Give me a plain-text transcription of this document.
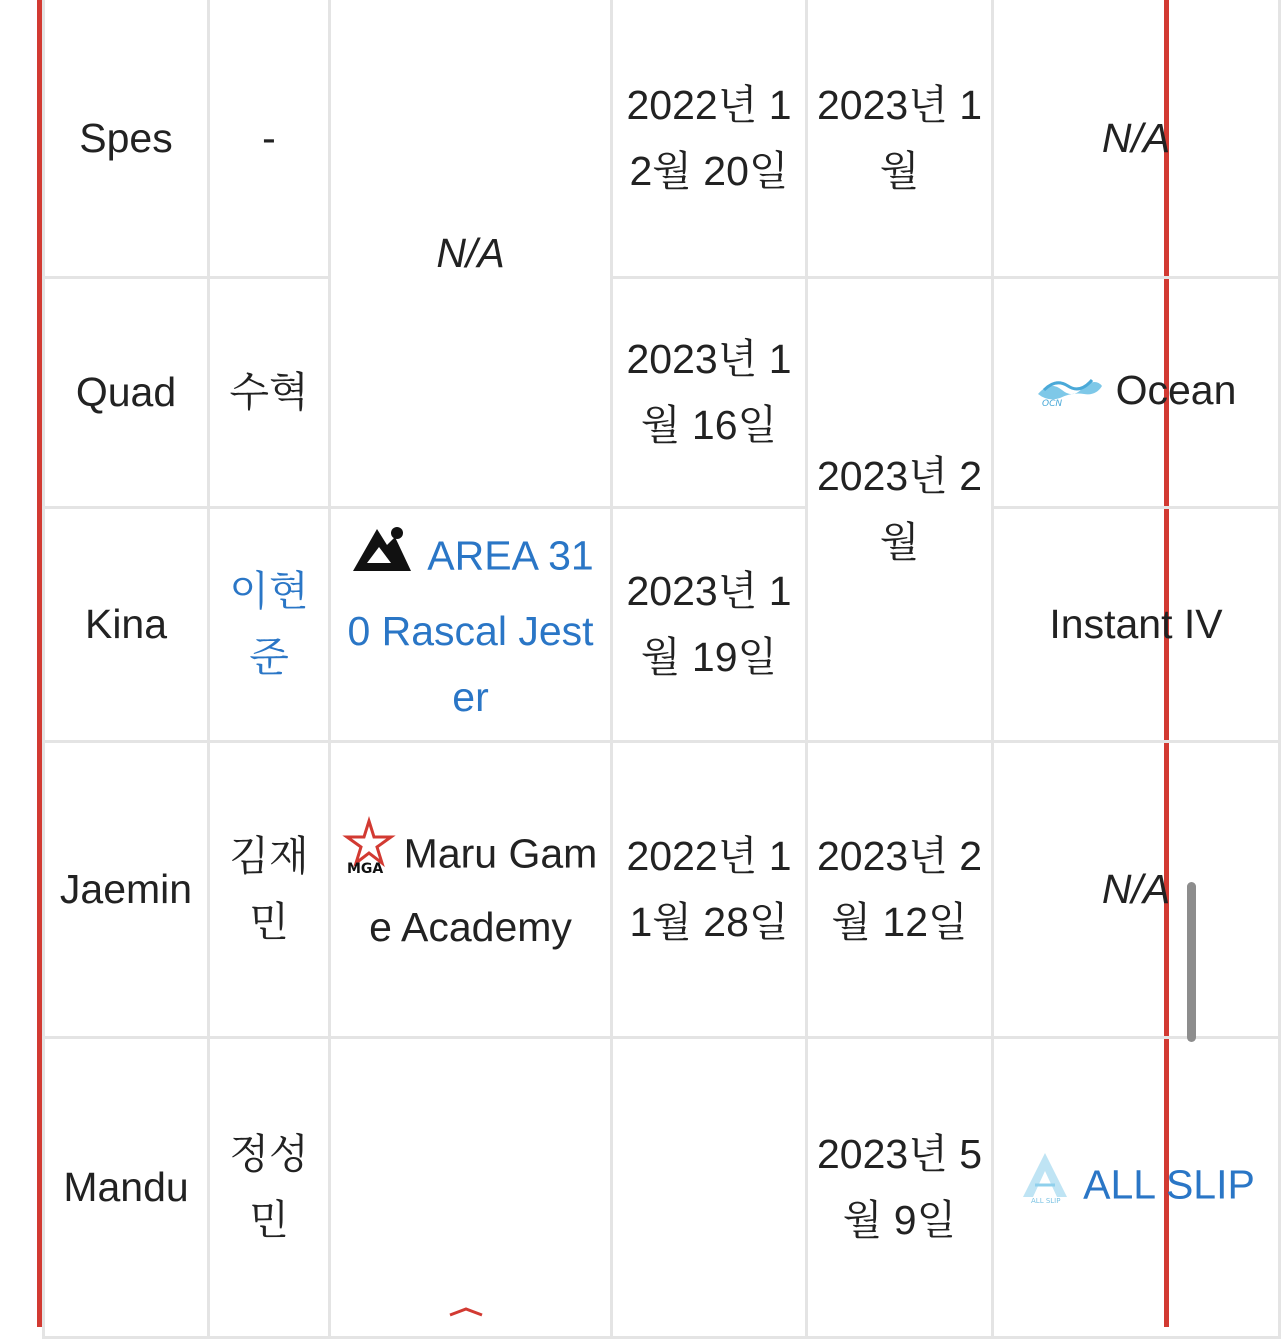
Spes	-	N/A	2022년 12월 20일	2023년 1월	N/A
Quad	수혁		2023년 1월 16일	2023년 2월	OCN Ocean
Kina	이현준	AREA 310 Rascal Jester	2023년 1월 19일		Instant IV
Jaemin	김재민	MGA Maru Game Academy	2022년 11월 28일	2023년 2월 12일	N/A
Mandu	정성민			2023년 5월 9일	ALL SLIP ALL SLIP
